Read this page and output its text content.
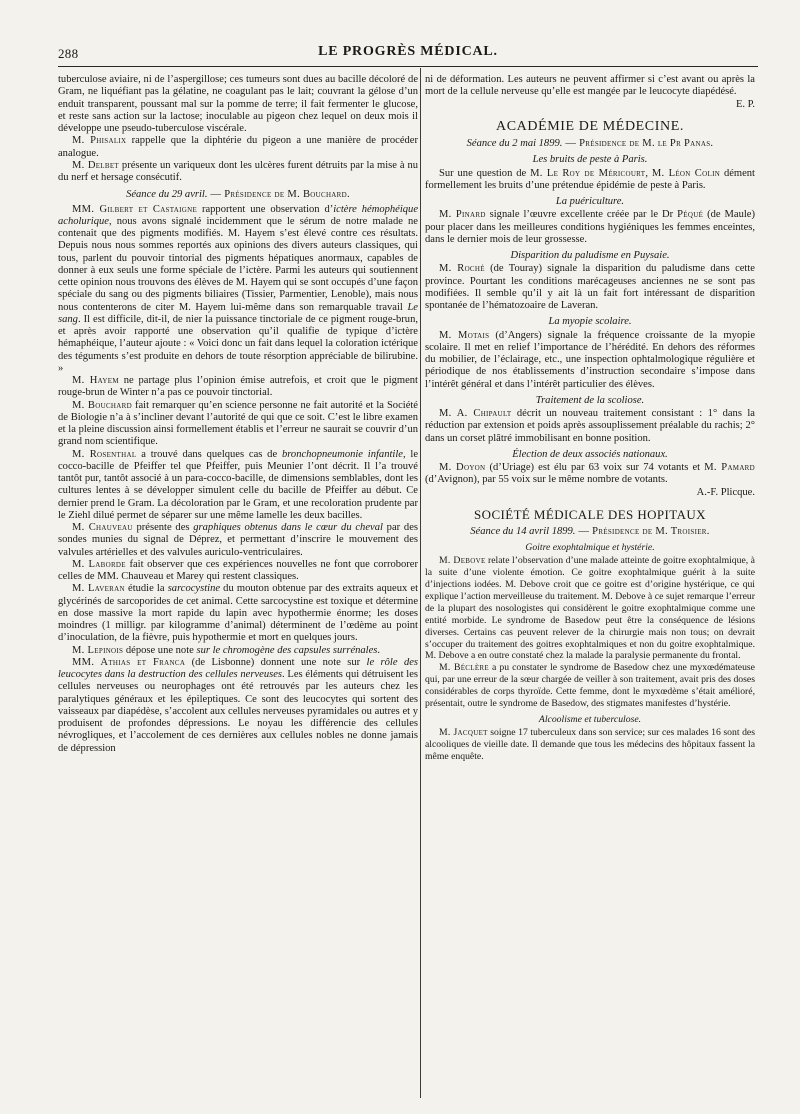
288	LE PROGRÈS MÉDICAL.

tuberculose aviaire, ni de l’aspergillose; ces tumeurs sont dues au bacille décoloré de Gram, ne liquéfiant pas la gélatine, ne coagulant pas le lait; couvrant la gélose d’un enduit transparent, poussant mal sur la pomme de terre; il fait fermenter le glucose, et reste sans action sur la lactose; inoculable au pigeon chez lequel on deux mois il développe une pseudo-tuberculose viscérale.

M. Phisalix rappelle que la diphtérie du pigeon a une manière de procéder analogue.

M. Delbet présente un variqueux dont les ulcères furent détruits par la mise à nu du nerf et hersage consécutif.

Séance du 29 avril. — Présidence de M. Bouchard.

MM. Gilbert et Castaigne rapportent une observation d’ictère hémophéique acholurique, nous avons signalé incidemment que le sérum de notre malade ne contenait que des pigments modifiés. M. Hayem s’est élevé contre ces résultats. Depuis nous nous sommes reportés aux opinions des divers auteurs classiques, qui tous, parlent du pouvoir tintorial des pigments hépatiques anormaux, capables de donner à eux seuls une forme spéciale de l’ictère. Parmi les auteurs qui soutiennent cette opinion nous trouvons des élèves de M. Hayem qui se sont occupés d’une façon spéciale du sang ou des pigments biliaires (Tissier, Parmentier, Lenoble), mais nous nous contenterons de citer M. Hayem lui-même dans son remarquable travail Le sang. Il est difficile, dit-il, de nier la puissance tinctoriale de ce pigment rouge-brun, et après avoir rapporté une observation qu’il qualifie de typique d’ictère hémaphéique, l’auteur ajoute : « Voici donc un fait dans lequel la coloration ictérique des téguments s’est produite en dehors de toute résorption appréciable de bilirubine. »

M. Hayem ne partage plus l’opinion émise autrefois, et croit que le pigment rouge-brun de Winter n’a pas ce pouvoir tinctorial.

M. Bouchard fait remarquer qu’en science personne ne fait autorité et la Société de Biologie n’a à s’incliner devant l’autorité de qui que ce soit. C’est le libre examen et la pleine discussion ainsi formellement établis et l’erreur ne saurait se couvrir d’un grand nom scientifique.

M. Rosenthal a trouvé dans quelques cas de bronchopneumonie infantile, le cocco-bacille de Pfeiffer tel que Pfeiffer, puis Meunier l’ont décrit. Il l’a trouvé tantôt pur, tantôt associé à un para-cocco-bacille, de dimensions semblables, dont les cultures lentes à se développer simulent celle du bacille de Pfeiffer au début. Ce dernier prend le Gram. La décoloration par le Gram, et une recoloration prudente par le Ziehl dilué permet de séparer sur une même lamelle les deux bacilles.

M. Chauveau présente des graphiques obtenus dans le cœur du cheval par des sondes munies du signal de Déprez, et permettant d’inscrire le mouvement des valvules artérielles et des valvules auriculo-ventriculaires.

M. Laborde fait observer que ces expériences nouvelles ne font que corroborer celles de MM. Chauveau et Marey qui restent classiques.

M. Laveran étudie la sarcocystine du mouton obtenue par des extraits aqueux et glycérinés de sarcoporides de cet animal. Cette sarcocystine est toxique et détermine en dose massive la mort rapide du lapin avec hypothermie énorme; les doses moindres (1 milligr. par kilogramme d’animal) déterminent de l’œdème au point d’inoculation, de la fièvre, puis hypothermie et mort en quelques jours.

M. Lepinois dépose une note sur le chromogène des capsules surrénales.

MM. Athias et Franca (de Lisbonne) donnent une note sur le rôle des leucocytes dans la destruction des cellules nerveuses. Les éléments qui détruisent les cellules nerveuses ou neurophages ont été retrouvés par les auteurs chez les paralytiques généraux et les épileptiques. Ce sont des leucocytes qui sortent des vaisseaux par diapédèse, s’accolent aux cellules nerveuses pyramidales ou autres et y produisent de profondes dépressions. Le noyau les différencie des cellules névrogliques, et l’accolement de ces dernières aux cellules nobles ne donne jamais de dépression

ni de déformation. Les auteurs ne peuvent affirmer si c’est avant ou après la mort de la cellule nerveuse qu’elle est mangée par le leucocyte diapédésé.

E. P.

ACADÉMIE DE MÉDECINE.

Séance du 2 mai 1899. — Présidence de M. le Pr Panas.

Les bruits de peste à Paris.

Sur une question de M. Le Roy de Méricourt, M. Léon Colin dément formellement les bruits d’une prétendue épidémie de peste à Paris.

La puériculture.

M. Pinard signale l’œuvre excellente créée par le Dr Péqué (de Maule) pour placer dans les meilleures conditions hygiéniques les femmes enceintes, dans le dernier mois de leur grossesse.

Disparition du paludisme en Puysaie.

M. Roché (de Touray) signale la disparition du paludisme dans cette province. Pourtant les conditions marécageuses anciennes ne se sont pas modifiées. Il semble qu’il y ait là un fait fort intéressant de disparition spontanée de l’hématozoaire de Laveran.

La myopie scolaire.

M. Motais (d’Angers) signale la fréquence croissante de la myopie scolaire. Il met en relief l’importance de l’hérédité. En dehors des réformes du mobilier, de l’éclairage, etc., une inspection ophtalmologique régulière et périodique de nos établissements d’instruction secondaire s’impose dans l’intérêt général et dans l’intérêt particulier des élèves.

Traitement de la scoliose.

M. A. Chipault décrit un nouveau traitement consistant : 1° dans la réduction par extension et poids après assouplissement préalable du rachis; 2° dans un corset plâtré immobilisant en bonne position.

Élection de deux associés nationaux.

M. Doyon (d’Uriage) est élu par 63 voix sur 74 votants et M. Pamard (d’Avignon), par 55 voix sur le même nombre de votants.

A.-F. Plicque.

SOCIÉTÉ MÉDICALE DES HOPITAUX

Séance du 14 avril 1899. — Présidence de M. Troisier.

Goitre exophtalmique et hystérie.

M. Debove relate l’observation d’une malade atteinte de goitre exophtalmique, à la suite d’une violente émotion. Ce goitre exophtalmique guérit à la suite d’injections iodées. M. Debove croit que ce goitre est d’origine hystérique, ce qui explique l’action merveilleuse du traitement. M. Debove à ce sujet remarque l’erreur de la plupart des nosologistes qui considèrent le goitre exophtalmique comme une entité morbide. Le syndrome de Basedow peut être la conséquence de lésions diverses. Certains cas peuvent relever de la chirurgie mais non tous; on devrait s’occuper du traitement des goitres exophtalmiques et non du goitre exophtalmique. M. Debove a en outre constaté chez la malade la paralysie permanente du frontal.

M. Béclère a pu constater le syndrome de Basedow chez une myxœdémateuse qui, par une erreur de la sœur chargée de veiller à son traitement, avait pris des doses considérables de corps thyroïde. Cette femme, dont le myxœdème s’était amélioré, présentait, outre le syndrome de Basedow, des stigmates manifestes d’hystérie.

Alcoolisme et tuberculose.

M. Jacquet soigne 17 tuberculeux dans son service; sur ces malades 16 sont des alcooliques de vieille date. Il demande que tous les médecins des hôpitaux fassent la même enquête.
